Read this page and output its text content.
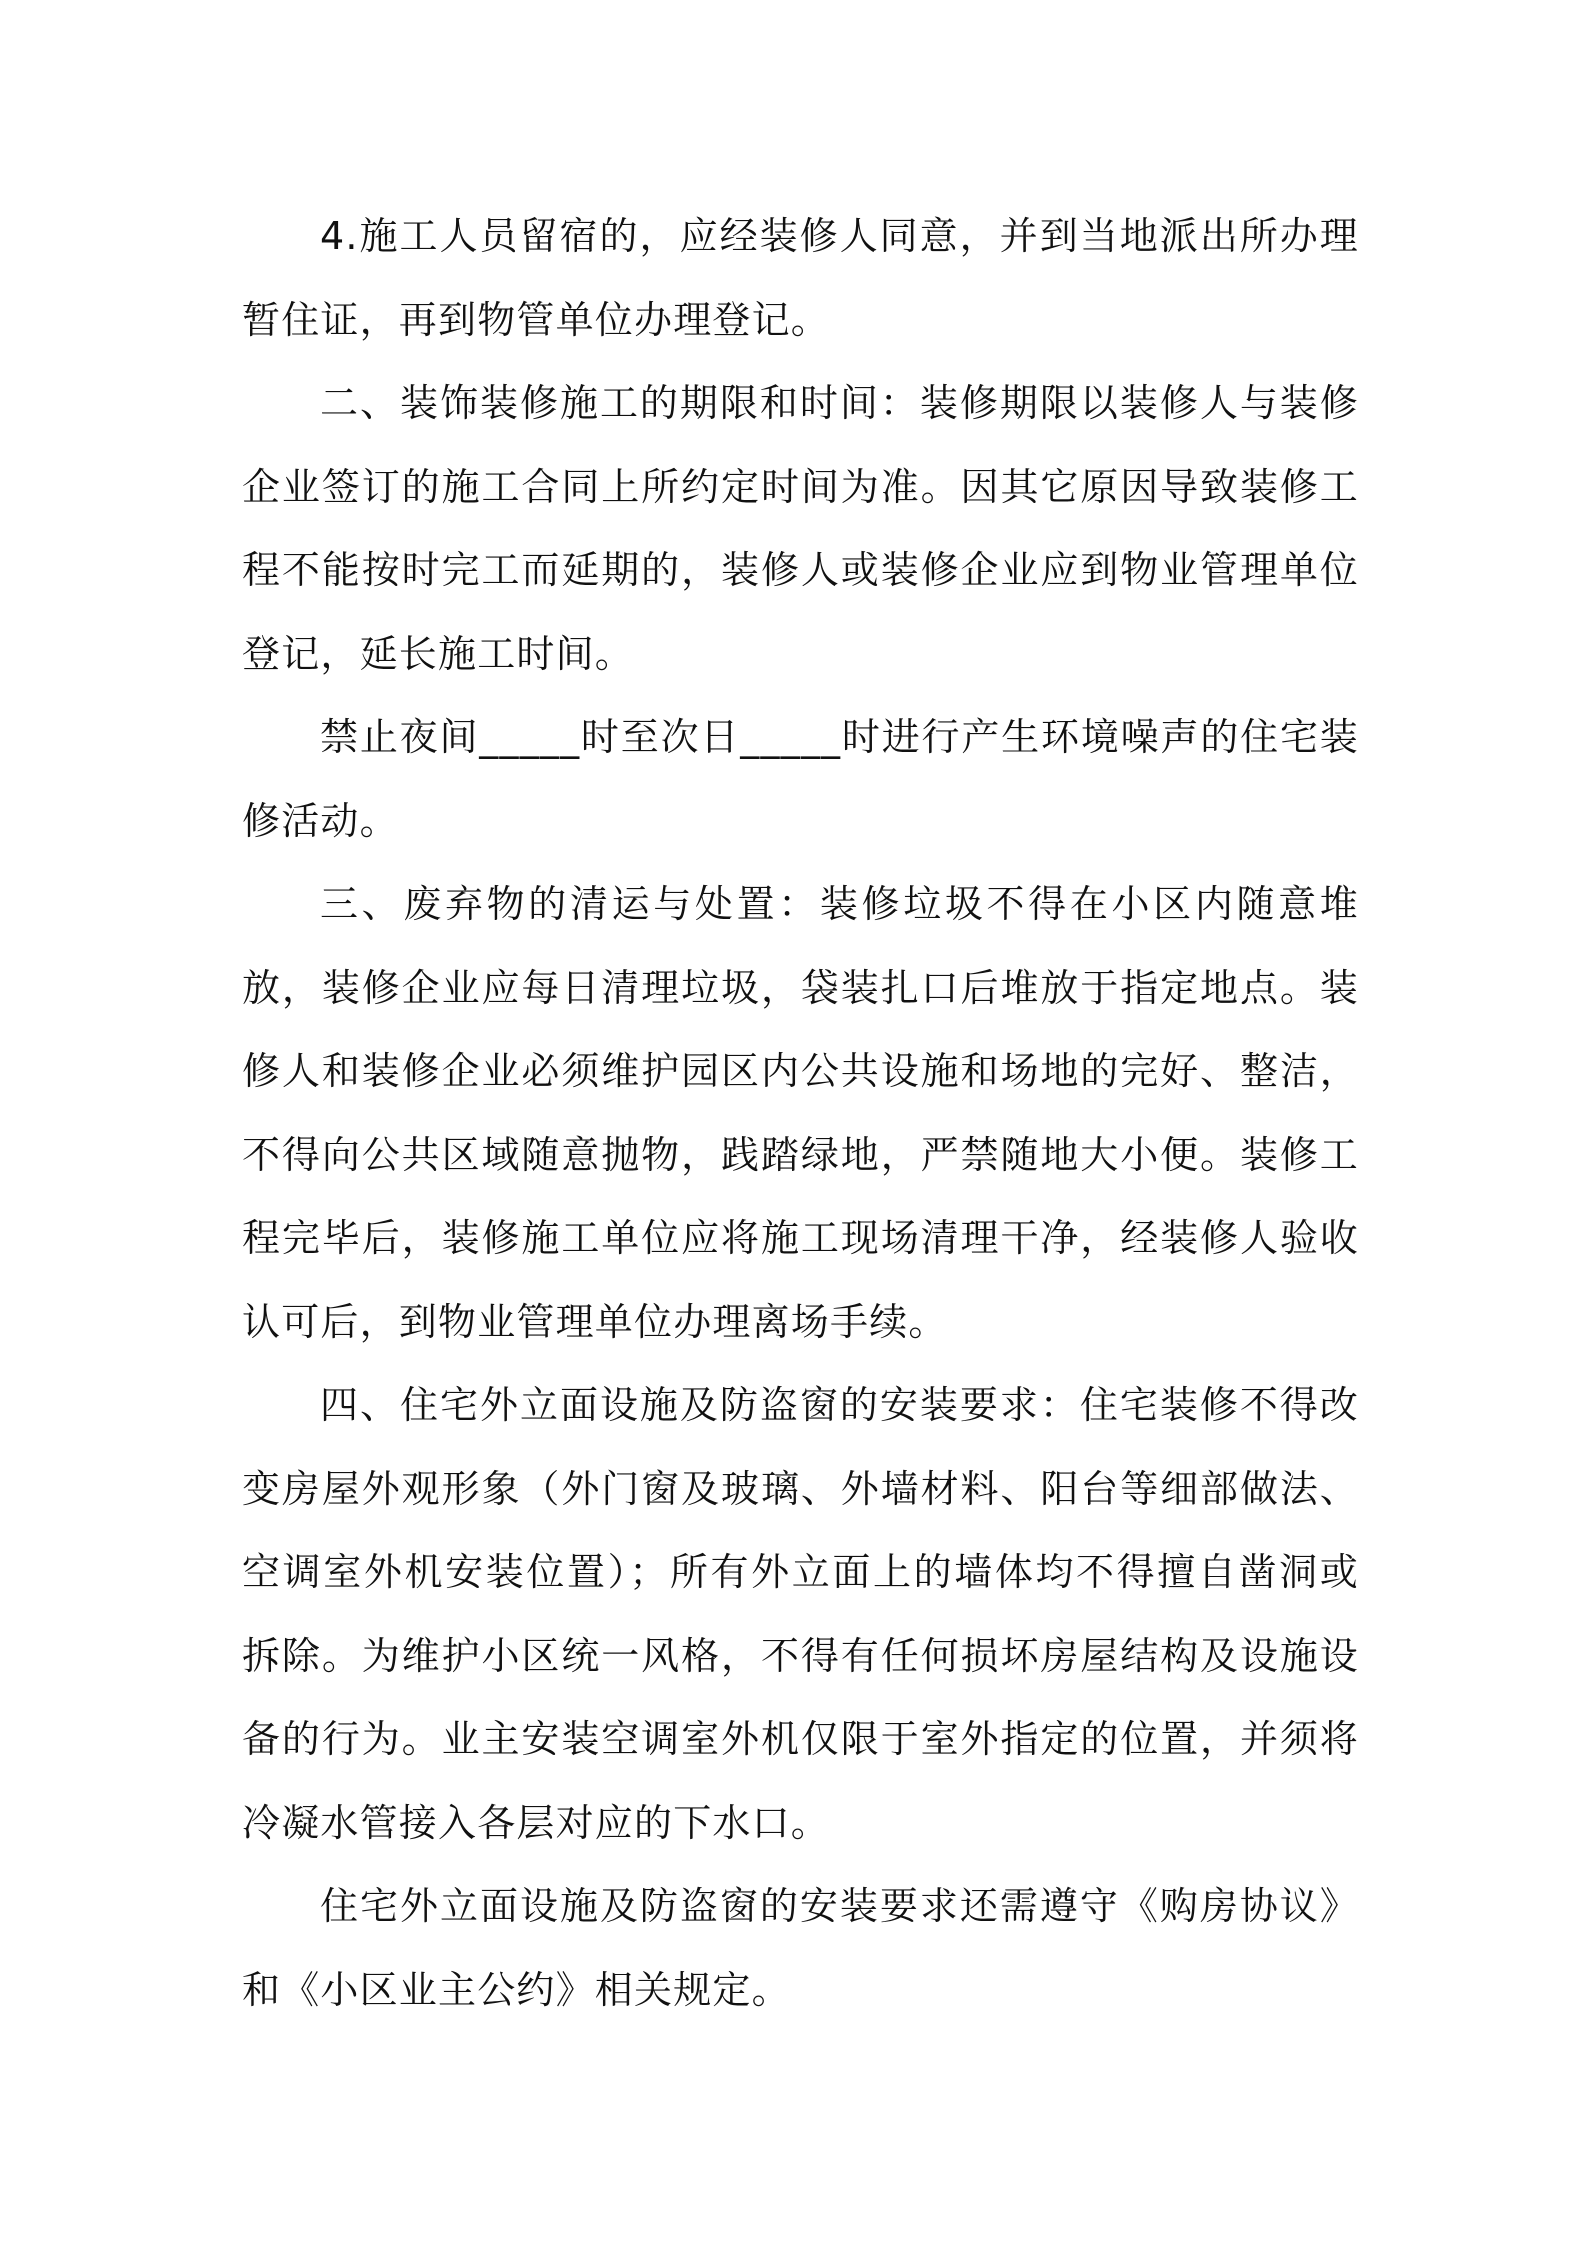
4.施工人员留宿的，应经装修人同意，并到当地派出所办理暂住证，再到物管单位办理登记。

二、装饰装修施工的期限和时间：装修期限以装修人与装修企业签订的施工合同上所约定时间为准。因其它原因导致装修工程不能按时完工而延期的，装修人或装修企业应到物业管理单位登记，延长施工时间。

禁止夜间_____时至次日_____时进行产生环境噪声的住宅装修活动。

三、废弃物的清运与处置：装修垃圾不得在小区内随意堆放，装修企业应每日清理垃圾，袋装扎口后堆放于指定地点。装修人和装修企业必须维护园区内公共设施和场地的完好、整洁，不得向公共区域随意抛物，践踏绿地，严禁随地大小便。装修工程完毕后，装修施工单位应将施工现场清理干净，经装修人验收认可后，到物业管理单位办理离场手续。

四、住宅外立面设施及防盗窗的安装要求：住宅装修不得改变房屋外观形象（外门窗及玻璃、外墙材料、阳台等细部做法、空调室外机安装位置）；所有外立面上的墙体均不得擅自凿洞或拆除。为维护小区统一风格，不得有任何损坏房屋结构及设施设备的行为。业主安装空调室外机仅限于室外指定的位置，并须将冷凝水管接入各层对应的下水口。

住宅外立面设施及防盗窗的安装要求还需遵守《购房协议》和《小区业主公约》相关规定。
